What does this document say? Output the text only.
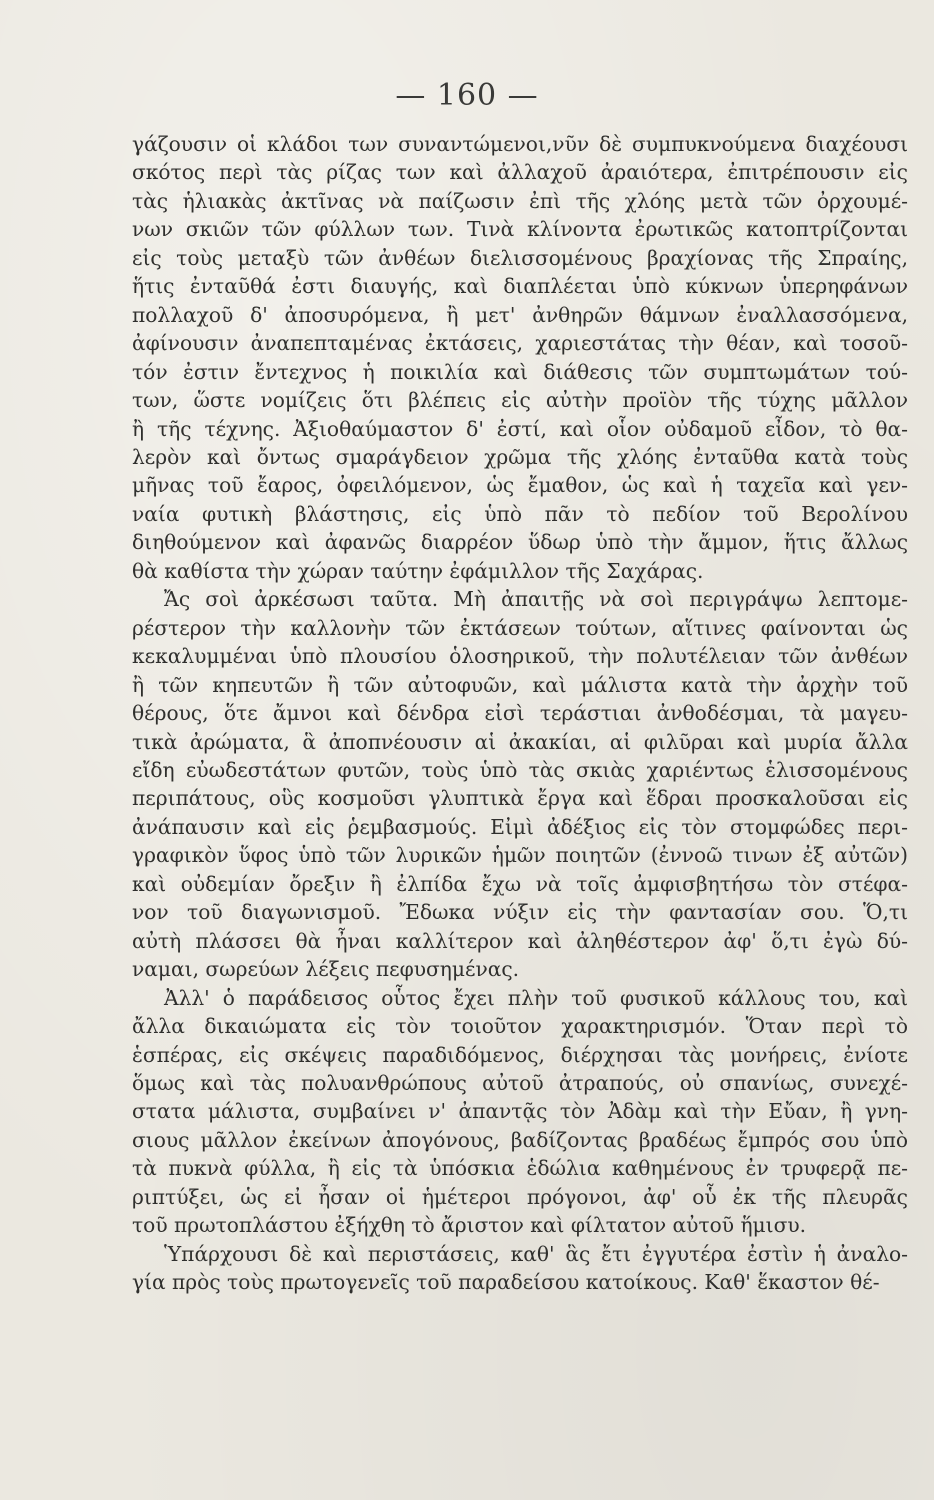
— 160 —

γάζουσιν οἱ κλάδοι των συναντώμενοι,νῦν δὲ συμπυκνούμενα διαχέουσι
σκότος περὶ τὰς ρίζας των καὶ ἀλλαχοῦ ἀραιότερα, ἐπιτρέπουσιν εἰς
τὰς ἡλιακὰς ἀκτῖνας νὰ παίζωσιν ἐπὶ τῆς χλόης μετὰ τῶν ὀρχουμέ-
νων σκιῶν τῶν φύλλων των. Τινὰ κλίνοντα ἐρωτικῶς κατοπτρίζονται
εἰς τοὺς μεταξὺ τῶν ἀνθέων διελισσομένους βραχίονας τῆς Σπραίης,
ἥτις ἐνταῦθά ἐστι διαυγής, καὶ διαπλέεται ὑπὸ κύκνων ὑπερηφάνων
πολλαχοῦ δ' ἀποσυρόμενα, ἢ μετ' ἀνθηρῶν θάμνων ἐναλλασσόμενα,
ἀφίνουσιν ἀναπεπταμένας ἐκτάσεις, χαριεστάτας τὴν θέαν, καὶ τοσοῦ-
τόν ἐστιν ἔντεχνος ἡ ποικιλία καὶ διάθεσις τῶν συμπτωμάτων τού-
των, ὥστε νομίζεις ὅτι βλέπεις εἰς αὐτὴν προϊὸν τῆς τύχης μᾶλλον
ἢ τῆς τέχνης. Ἀξιοθαύμαστον δ' ἐστί, καὶ οἷον οὐδαμοῦ εἶδον, τὸ θα-
λερὸν καὶ ὄντως σμαράγδειον χρῶμα τῆς χλόης ἐνταῦθα κατὰ τοὺς
μῆνας τοῦ ἔαρος, ὀφειλόμενον, ὡς ἔμαθον, ὡς καὶ ἡ ταχεῖα καὶ γεν-
ναία φυτικὴ βλάστησις, εἰς ὑπὸ πᾶν τὸ πεδίον τοῦ Βερολίνου
διηθούμενον καὶ ἀφανῶς διαρρέον ὕδωρ ὑπὸ τὴν ἄμμον, ἥτις ἄλλως
θὰ καθίστα τὴν χώραν ταύτην ἐφάμιλλον τῆς Σαχάρας.

Ἄς σοὶ ἀρκέσωσι ταῦτα. Μὴ ἀπαιτῇς νὰ σοὶ περιγράψω λεπτομε-
ρέστερον τὴν καλλονὴν τῶν ἐκτάσεων τούτων, αἵτινες φαίνονται ὡς
κεκαλυμμέναι ὑπὸ πλουσίου ὁλοσηρικοῦ, τὴν πολυτέλειαν τῶν ἀνθέων
ἢ τῶν κηπευτῶν ἢ τῶν αὐτοφυῶν, καὶ μάλιστα κατὰ τὴν ἀρχὴν τοῦ
θέρους, ὅτε ἄμνοι καὶ δένδρα εἰσὶ τεράστιαι ἀνθοδέσμαι, τὰ μαγευ-
τικὰ ἀρώματα, ἃ ἀποπνέουσιν αἱ ἀκακίαι, αἱ φιλῦραι καὶ μυρία ἄλλα
εἴδη εὐωδεστάτων φυτῶν, τοὺς ὑπὸ τὰς σκιὰς χαριέντως ἑλισσομένους
περιπάτους, οὓς κοσμοῦσι γλυπτικὰ ἔργα καὶ ἕδραι προσκαλοῦσαι εἰς
ἀνάπαυσιν καὶ εἰς ῥεμβασμούς. Εἰμὶ ἀδέξιος εἰς τὸν στομφώδες περι-
γραφικὸν ὕφος ὑπὸ τῶν λυρικῶν ἡμῶν ποιητῶν (ἐννοῶ τινων ἐξ αὐτῶν)
καὶ οὐδεμίαν ὄρεξιν ἢ ἐλπίδα ἔχω νὰ τοῖς ἀμφισβητήσω τὸν στέφα-
νον τοῦ διαγωνισμοῦ. Ἔδωκα νύξιν εἰς τὴν φαντασίαν σου. Ὅ,τι
αὐτὴ πλάσσει θὰ ἦναι καλλίτερον καὶ ἀληθέστερον ἀφ' ὅ,τι ἐγὼ δύ-
ναμαι, σωρεύων λέξεις πεφυσημένας.

Ἀλλ' ὁ παράδεισος οὗτος ἔχει πλὴν τοῦ φυσικοῦ κάλλους του, καὶ
ἄλλα δικαιώματα εἰς τὸν τοιοῦτον χαρακτηρισμόν. Ὅταν περὶ τὸ
ἑσπέρας, εἰς σκέψεις παραδιδόμενος, διέρχησαι τὰς μονήρεις, ἐνίοτε
ὅμως καὶ τὰς πολυανθρώπους αὐτοῦ ἀτραπούς, οὐ σπανίως, συνεχέ-
στατα μάλιστα, συμβαίνει ν' ἀπαντᾷς τὸν Ἀδὰμ καὶ τὴν Εὔαν, ἢ γνη-
σιους μᾶλλον ἐκείνων ἀπογόνους, βαδίζοντας βραδέως ἔμπρός σου ὑπὸ
τὰ πυκνὰ φύλλα, ἢ εἰς τὰ ὑπόσκια ἑδώλια καθημένους ἐν τρυφερᾷ πε-
ριπτύξει, ὡς εἰ ἦσαν οἱ ἡμέτεροι πρόγονοι, ἀφ' οὗ ἐκ τῆς πλευρᾶς
τοῦ πρωτοπλάστου ἐξήχθη τὸ ἄριστον καὶ φίλτατον αὐτοῦ ἥμισυ.

Ὑπάρχουσι δὲ καὶ περιστάσεις, καθ' ἃς ἔτι ἐγγυτέρα ἐστὶν ἡ ἀναλο-
γία πρὸς τοὺς πρωτογενεῖς τοῦ παραδείσου κατοίκους. Καθ' ἕκαστον θέ-
